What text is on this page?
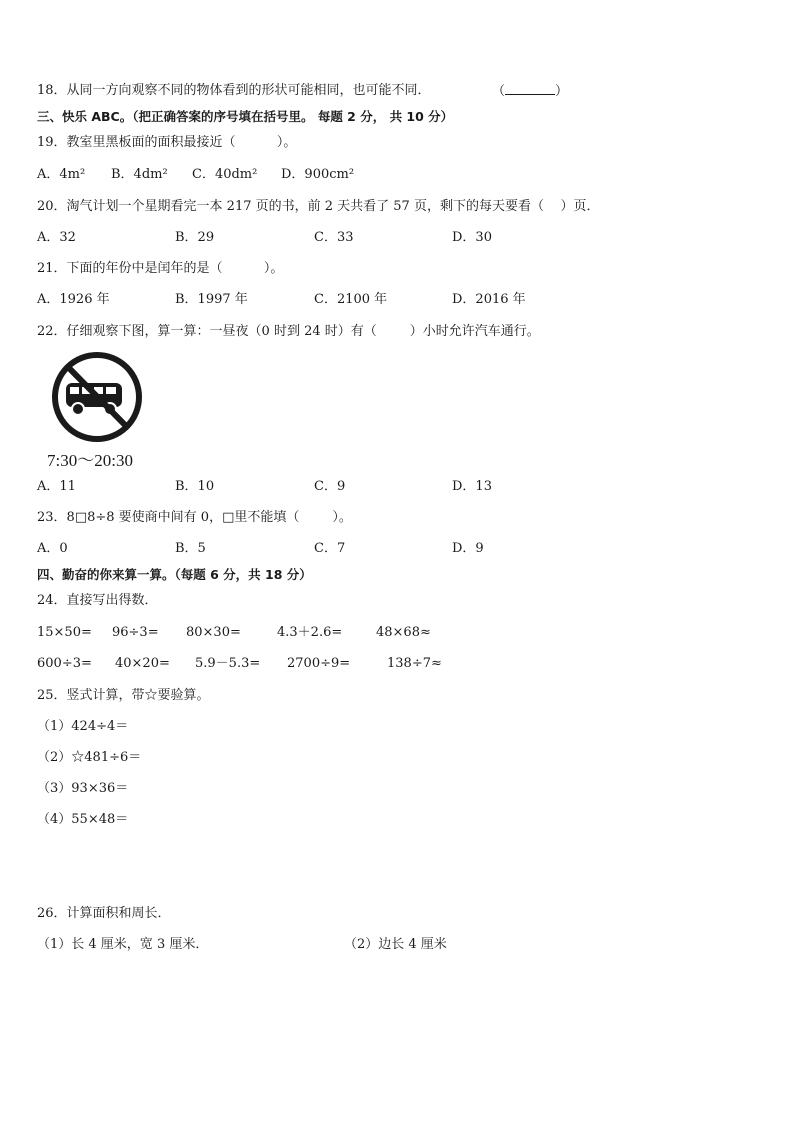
18．从同一方向观察不同的物体看到的形状可能相同，也可能不同．	（	）
三、快乐 ABC。（把正确答案的序号填在括号里。 每题 2 分， 共 10 分）
19．教室里黑板面的面积最接近（          ）。
A．4m² B．4dm² C．40dm² D．900cm²
20．淘气计划一个星期看完一本 217 页的书，前 2 天共看了 57 页，剩下的每天要看（    ）页．
A．32	B．29	C．33	D．30
21．下面的年份中是闰年的是（          ）。
A．1926 年	B．1997 年	C．2100 年	D．2016 年
22．仔细观察下图，算一算：一昼夜（0 时到 24 时）有（        ）小时允许汽车通行。
7:30～20:30
A．11	B．10	C．9	D．13
23．8□8÷8 要使商中间有 0，□里不能填（        ）。
A．0	B．5	C．7	D．9
四、勤奋的你来算一算。（每题 6 分，共 18 分）
24．直接写出得数．
15×50= 96÷3= 80×30=	4.3＋2.6=	48×68≈
600÷3= 40×20= 5.9－5.3= 2700÷9=	138÷7≈
25．竖式计算，带☆要验算。
（1）424÷4＝
（2）☆481÷6＝
（3）93×36＝
（4）55×48＝
26．计算面积和周长．
（1）长 4 厘米，宽 3 厘米．	（2）边长 4 厘米
